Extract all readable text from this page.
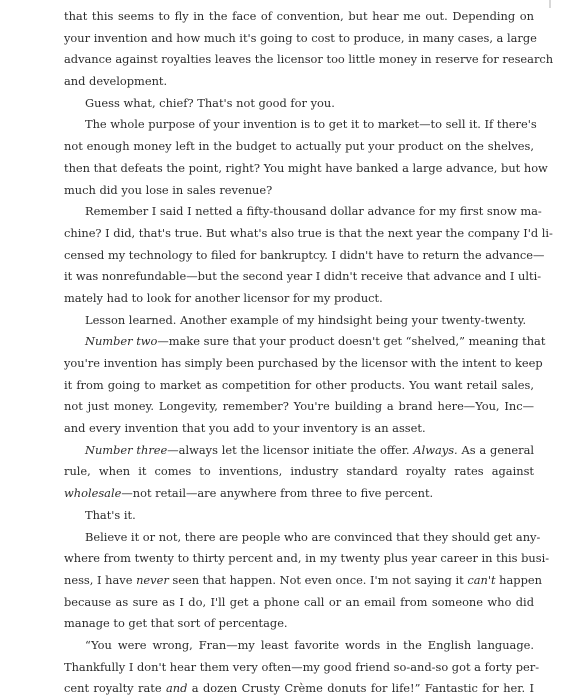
that this seems to fly in the face of convention, but hear me out. Depending on
your invention and how much it's going to cost to produce, in many cases, a large
advance against royalties leaves the licensor too little money in reserve for research
and development.
Guess what, chief? That's not good for you.
The whole purpose of your invention is to get it to market—to sell it. If there's
not enough money left in the budget to actually put your product on the shelves,
then that defeats the point, right? You might have banked a large advance, but how
much did you lose in sales revenue?
Remember I said I netted a fifty-thousand dollar advance for my first snow ma-
chine? I did, that's true. But what's also true is that the next year the company I'd li-
censed my technology to filed for bankruptcy. I didn't have to return the advance—
it was nonrefundable—but the second year I didn't receive that advance and I ulti-
mately had to look for another licensor for my product.
Lesson learned. Another example of my hindsight being your twenty-twenty.
Number two—make sure that your product doesn't get “shelved,” meaning that
you're invention has simply been purchased by the licensor with the intent to keep
it from going to market as competition for other products. You want retail sales,
not just money. Longevity, remember? You're building a brand here—You, Inc—
and every invention that you add to your inventory is an asset.
Number three—always let the licensor initiate the offer. Always. As a general
rule, when it comes to inventions, industry standard royalty rates against
wholesale—not retail—are anywhere from three to five percent.
That's it.
Believe it or not, there are people who are convinced that they should get any-
where from twenty to thirty percent and, in my twenty plus year career in this busi-
ness, I have never seen that happen. Not even once. I'm not saying it can't happen
because as sure as I do, I'll get a phone call or an email from someone who did
manage to get that sort of percentage.
“You were wrong, Fran—my least favorite words in the English language.
Thankfully I don't hear them very often—my good friend so-and-so got a forty per-
cent royalty rate and a dozen Crusty Crème donuts for life!” Fantastic for her. I
